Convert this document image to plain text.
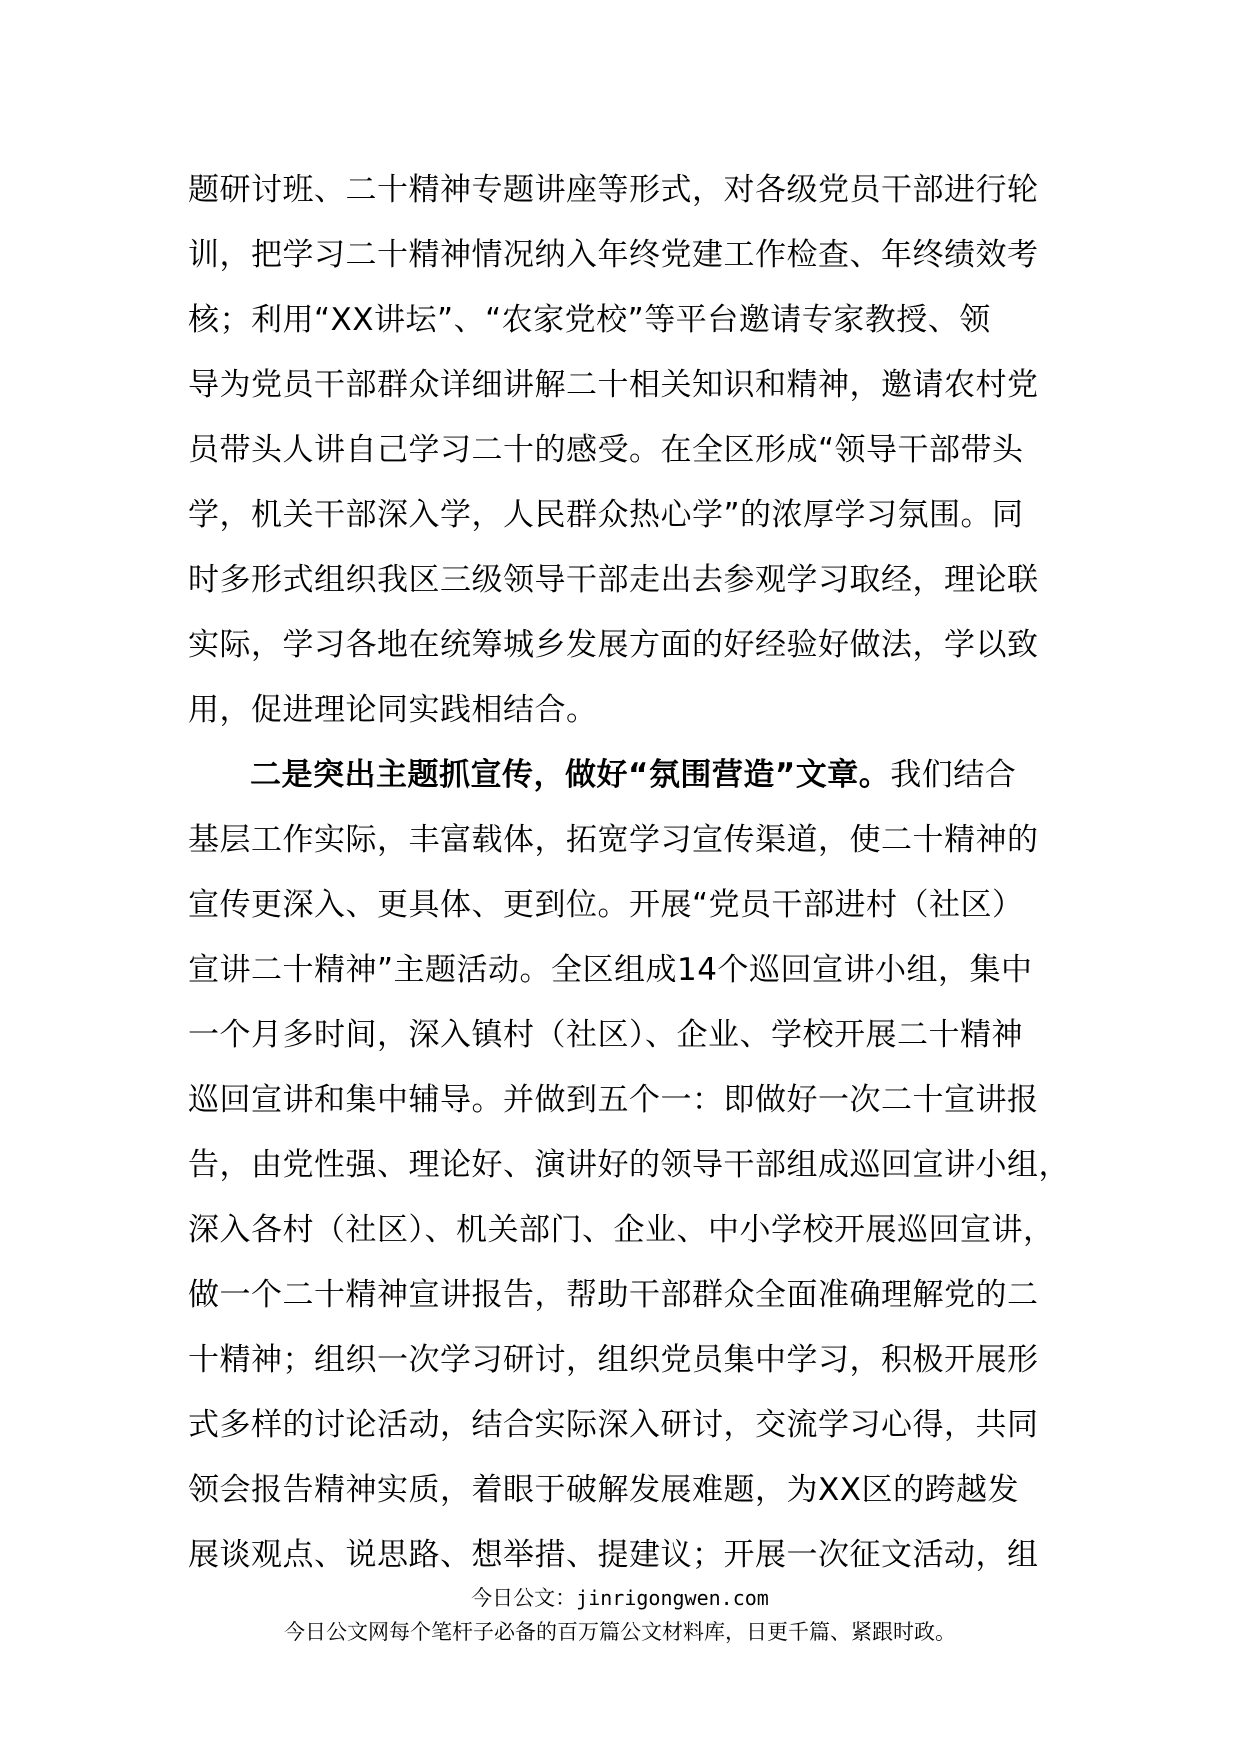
题研讨班、二十精神专题讲座等形式，对各级党员干部进行轮
训，把学习二十精神情况纳入年终党建工作检查、年终绩效考
核；利用“XX讲坛”、“农家党校”等平台邀请专家教授、领
导为党员干部群众详细讲解二十相关知识和精神，邀请农村党
员带头人讲自己学习二十的感受。在全区形成“领导干部带头
学，机关干部深入学，人民群众热心学”的浓厚学习氛围。同
时多形式组织我区三级领导干部走出去参观学习取经，理论联
实际，学习各地在统筹城乡发展方面的好经验好做法，学以致
用，促进理论同实践相结合。
二是突出主题抓宣传，做好“氛围营造”文章。我们结合
基层工作实际，丰富载体，拓宽学习宣传渠道，使二十精神的
宣传更深入、更具体、更到位。开展“党员干部进村（社区）
宣讲二十精神”主题活动。全区组成14个巡回宣讲小组，集中
一个月多时间，深入镇村（社区）、企业、学校开展二十精神
巡回宣讲和集中辅导。并做到五个一：即做好一次二十宣讲报
告，由党性强、理论好、演讲好的领导干部组成巡回宣讲小组，
深入各村（社区）、机关部门、企业、中小学校开展巡回宣讲，
做一个二十精神宣讲报告，帮助干部群众全面准确理解党的二
十精神；组织一次学习研讨，组织党员集中学习，积极开展形
式多样的讨论活动，结合实际深入研讨，交流学习心得，共同
领会报告精神实质，着眼于破解发展难题，为XX区的跨越发
展谈观点、说思路、想举措、提建议；开展一次征文活动，组
今日公文：jinrigongwen.com
今日公文网每个笔杆子必备的百万篇公文材料库，日更千篇、紧跟时政。
